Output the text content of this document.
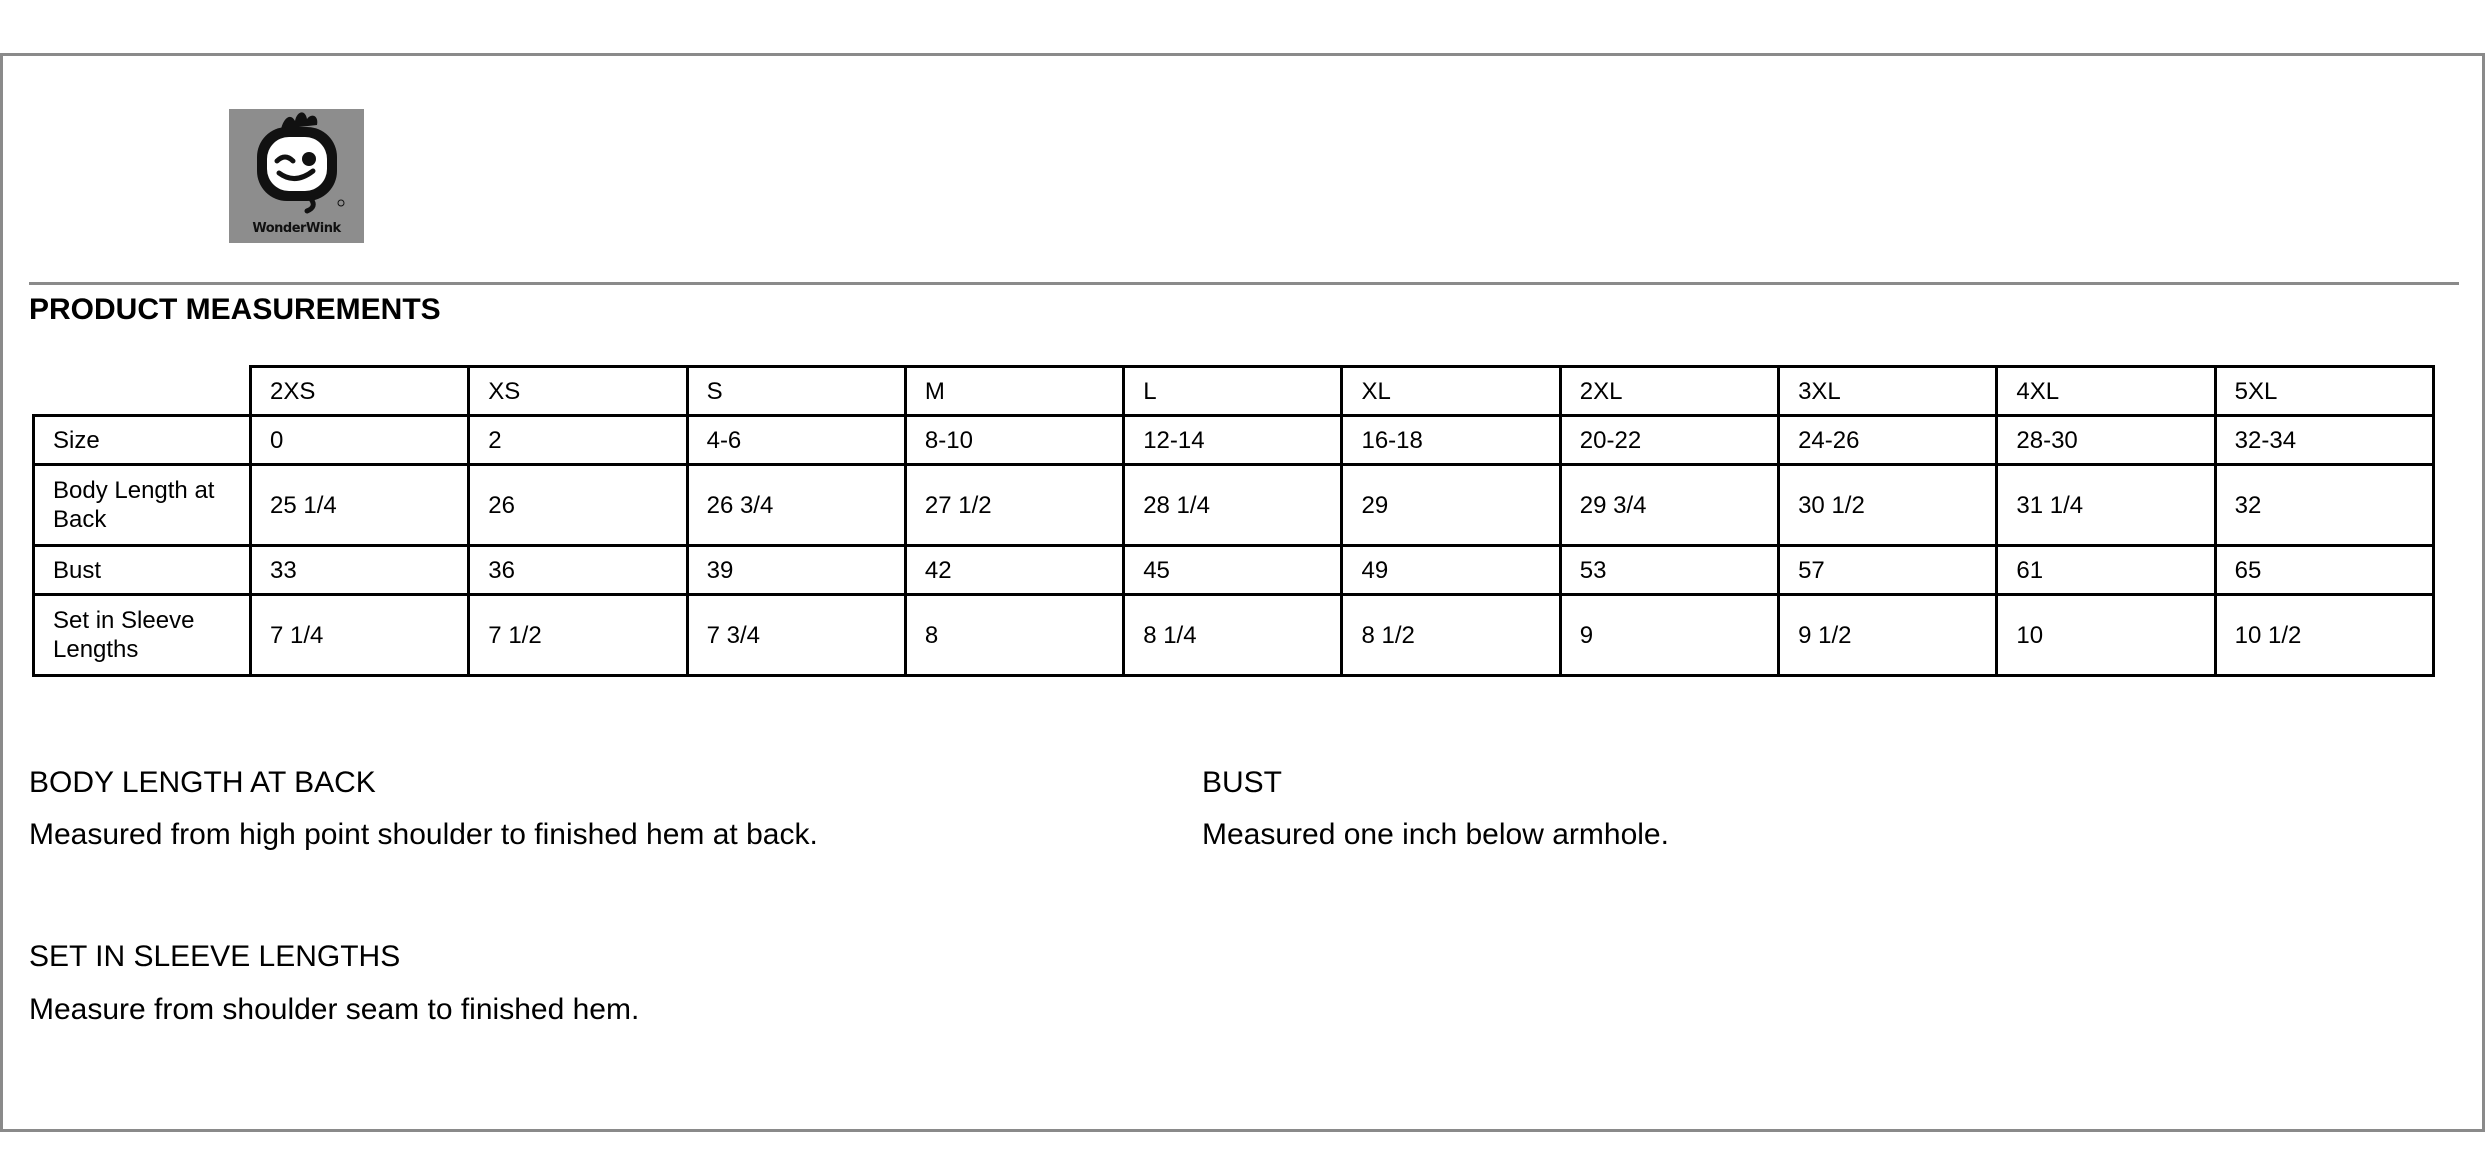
WonderWink
PRODUCT MEASUREMENTS
	2XS	XS	S	M	L	XL	2XL	3XL	4XL	5XL
Size	0	2	4-6	8-10	12-14	16-18	20-22	24-26	28-30	32-34
Body Length at Back	25 1/4	26	26 3/4	27 1/2	28 1/4	29	29 3/4	30 1/2	31 1/4	32
Bust	33	36	39	42	45	49	53	57	61	65
Set in Sleeve Lengths	7 1/4	7 1/2	7 3/4	8	8 1/4	8 1/2	9	9 1/2	10	10 1/2

BODY LENGTH AT BACK

Measured from high point shoulder to finished hem at back.

BUST

Measured one inch below armhole.

SET IN SLEEVE LENGTHS

Measure from shoulder seam to finished hem.
